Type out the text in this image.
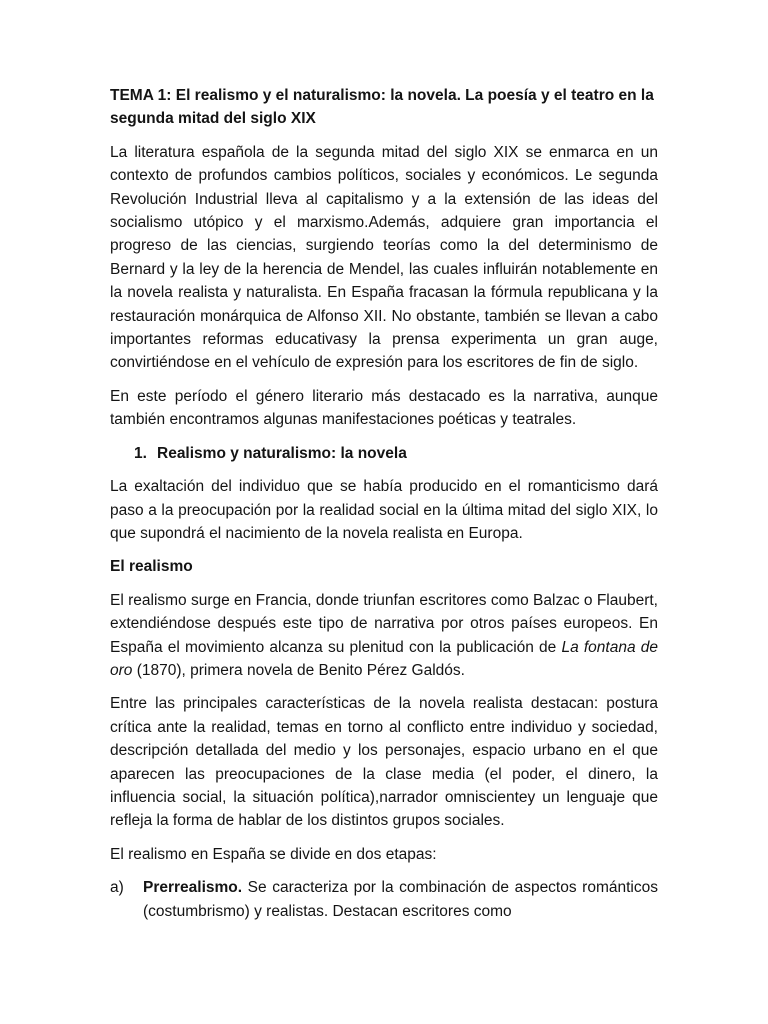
TEMA 1: El realismo y el naturalismo: la novela. La poesía y el teatro en la segunda mitad del siglo XIX

La literatura española de la segunda mitad del siglo XIX se enmarca en un contexto de profundos cambios políticos, sociales y económicos. Le segunda Revolución Industrial lleva al capitalismo y a la extensión de las ideas del socialismo utópico y el marxismo.Además, adquiere gran importancia el progreso de las ciencias, surgiendo teorías como la del determinismo de Bernard y la ley de la herencia de Mendel, las cuales influirán notablemente en la novela realista y naturalista. En España fracasan la fórmula republicana y la restauración monárquica de Alfonso XII. No obstante, también se llevan a cabo importantes reformas educativasy la prensa experimenta un gran auge, convirtiéndose en el vehículo de expresión para los escritores de fin de siglo.

En este período el género literario más destacado es la narrativa, aunque también encontramos algunas manifestaciones poéticas y teatrales.

1. Realismo y naturalismo: la novela

La exaltación del individuo que se había producido en el romanticismo dará paso a la preocupación por la realidad social en la última mitad del siglo XIX, lo que supondrá el nacimiento de la novela realista en Europa.

El realismo

El realismo surge en Francia, donde triunfan escritores como Balzac o Flaubert, extendiéndose después este tipo de narrativa por otros países europeos. En España el movimiento alcanza su plenitud con la publicación de La fontana de oro (1870), primera novela de Benito Pérez Galdós.

Entre las principales características de la novela realista destacan: postura crítica ante la realidad, temas en torno al conflicto entre individuo y sociedad, descripción detallada del medio y los personajes, espacio urbano en el que aparecen las preocupaciones de la clase media (el poder, el dinero, la influencia social, la situación política),narrador omniscientey un lenguaje que refleja la forma de hablar de los distintos grupos sociales.

El realismo en España se divide en dos etapas:

a)	Prerrealismo. Se caracteriza por la combinación de aspectos románticos (costumbrismo) y realistas. Destacan escritores como
